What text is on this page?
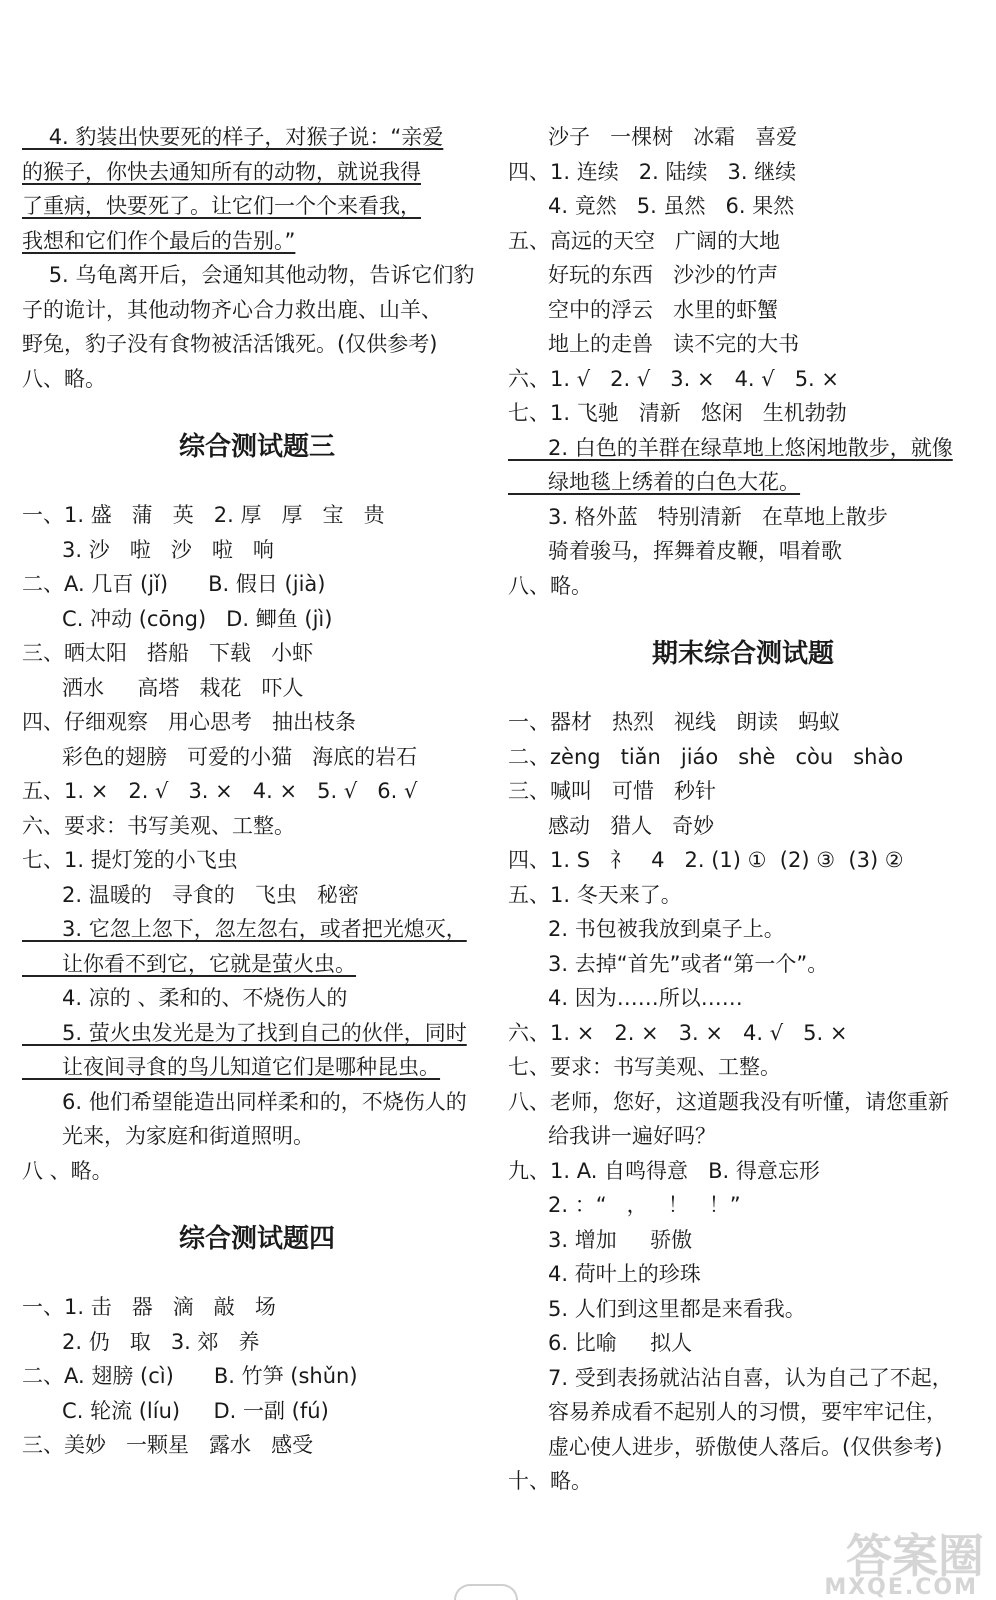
4. 豹装出快要死的样子，对猴子说：“亲爱
的猴子，你快去通知所有的动物，就说我得
了重病，快要死了。让它们一个个来看我，
我想和它们作个最后的告别。”
5. 乌龟离开后，会通知其他动物，告诉它们豹
子的诡计，其他动物齐心合力救出鹿、山羊、
野兔，豹子没有食物被活活饿死。(仅供参考)
八、略。
综合测试题三
一、1. 盛   蒲   英   2. 厚   厚   宝   贵
3. 沙   啦   沙   啦   响
二、A. 几百 (jǐ)      B. 假日 (jià)
C. 冲动 (cōng)   D. 鲫鱼 (jì)
三、晒太阳   搭船   下载   小虾
洒水     高塔   栽花   吓人
四、仔细观察   用心思考   抽出枝条
彩色的翅膀   可爱的小猫   海底的岩石
五、1. ×   2. √   3. ×   4. ×   5. √   6. √
六、要求：书写美观、工整。
七、1. 提灯笼的小飞虫
2. 温暖的   寻食的   飞虫   秘密
3. 它忽上忽下，忽左忽右，或者把光熄灭，
让你看不到它，它就是萤火虫。
4. 凉的 、柔和的、不烧伤人的
5. 萤火虫发光是为了找到自己的伙伴，同时
让夜间寻食的鸟儿知道它们是哪种昆虫。
6. 他们希望能造出同样柔和的，不烧伤人的
光来，为家庭和街道照明。
八 、略。
综合测试题四
一、1. 击   器   滴   敲   场
2. 仍   取   3. 郊   养
二、A. 翅膀 (cì)      B. 竹笋 (shǔn)
C. 轮流 (líu)     D. 一副 (fú)
三、美妙   一颗星   露水   感受
沙子   一棵树   冰霜   喜爱
四、1. 连续   2. 陆续   3. 继续
4. 竟然   5. 虽然   6. 果然
五、高远的天空   广阔的大地
好玩的东西   沙沙的竹声
空中的浮云   水里的虾蟹
地上的走兽   读不完的大书
六、1. √   2. √   3. ×   4. √   5. ×
七、1. 飞驰   清新   悠闲   生机勃勃
2. 白色的羊群在绿草地上悠闲地散步，就像
绿地毯上绣着的白色大花。
3. 格外蓝   特别清新   在草地上散步
骑着骏马，挥舞着皮鞭，唱着歌
八、略。
期末综合测试题
一、器材   热烈   视线   朗读   蚂蚁
二、zèng   tiǎn   jiáo   shè   còu   shào
三、喊叫   可惜   秒针
感动   猎人   奇妙
四、1. S   礻   4   2. (1) ①  (2) ③  (3) ②
五、1. 冬天来了。
2. 书包被我放到桌子上。
3. 去掉“首先”或者“第一个”。
4. 因为……所以……
六、1. ×   2. ×   3. ×   4. √   5. ×
七、要求：书写美观、工整。
八、老师，您好，这道题我没有听懂，请您重新
给我讲一遍好吗？
九、1. A. 自鸣得意   B. 得意忘形
2. ：“   ，   ！   ！”
3. 增加     骄傲
4. 荷叶上的珍珠
5. 人们到这里都是来看我。
6. 比喻     拟人
7. 受到表扬就沾沾自喜，认为自己了不起，
容易养成看不起别人的习惯，要牢牢记住，
虚心使人进步，骄傲使人落后。(仅供参考)
十、略。
答案圈
MXQE.COM
